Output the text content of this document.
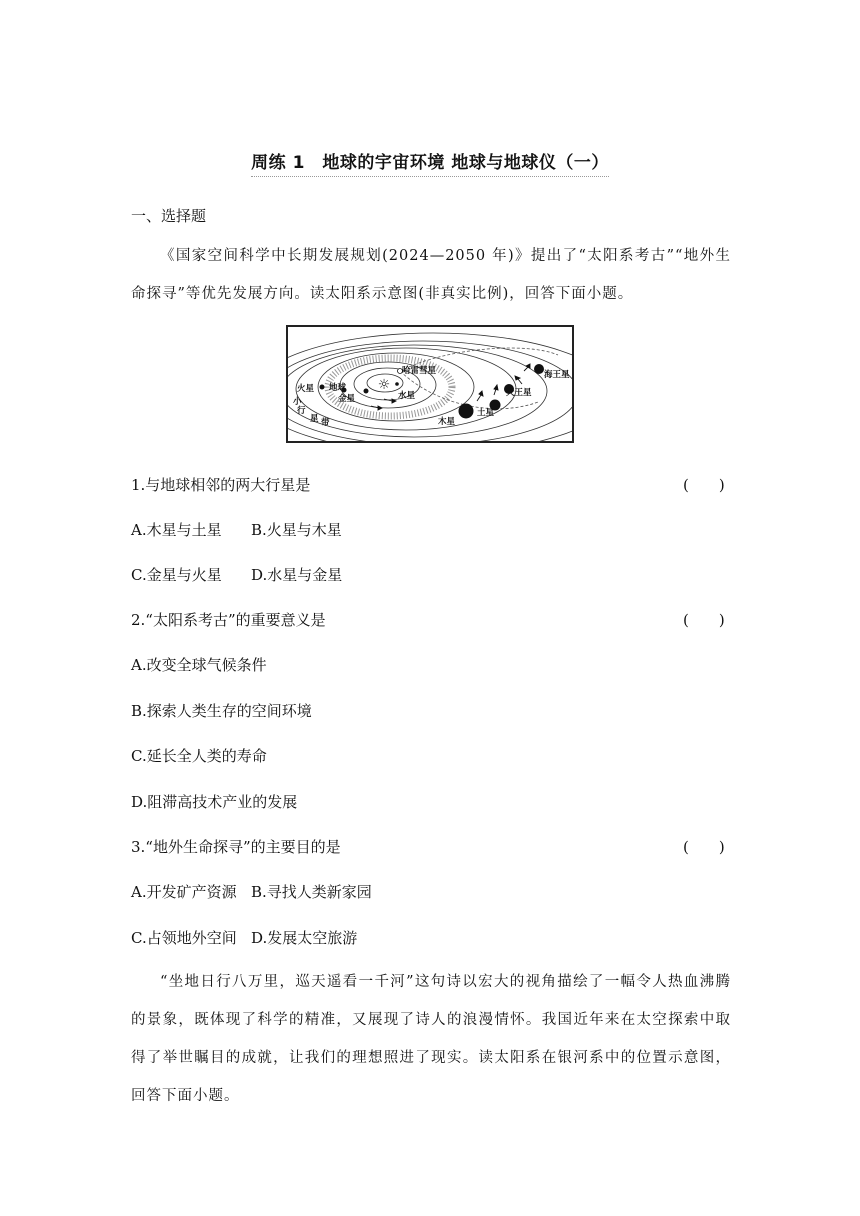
周练 1　地球的宇宙环境 地球与地球仪（一）
一、选择题

《国家空间科学中长期发展规划(2024—2050 年)》提出了“太阳系考古”“地外生命探寻”等优先发展方向。读太阳系示意图(非真实比例)，回答下面小题。

☼
哈雷彗星
火星 地球
金星	水星
小
行
星 带	木星
土星
天王星
海王星
1.与地球相邻的两大行星是	(　　)
A.木星与土星 B.火星与木星
C.金星与火星 D.水星与金星
2.“太阳系考古”的重要意义是	(　　)
A.改变全球气候条件
B.探索人类生存的空间环境
C.延长全人类的寿命
D.阻滞高技术产业的发展
3.“地外生命探寻”的主要目的是	(　　)
A.开发矿产资源 B.寻找人类新家园
C.占领地外空间 D.发展太空旅游

“坐地日行八万里，巡天遥看一千河”这句诗以宏大的视角描绘了一幅令人热血沸腾的景象，既体现了科学的精准，又展现了诗人的浪漫情怀。我国近年来在太空探索中取得了举世瞩目的成就，让我们的理想照进了现实。读太阳系在银河系中的位置示意图，回答下面小题。
